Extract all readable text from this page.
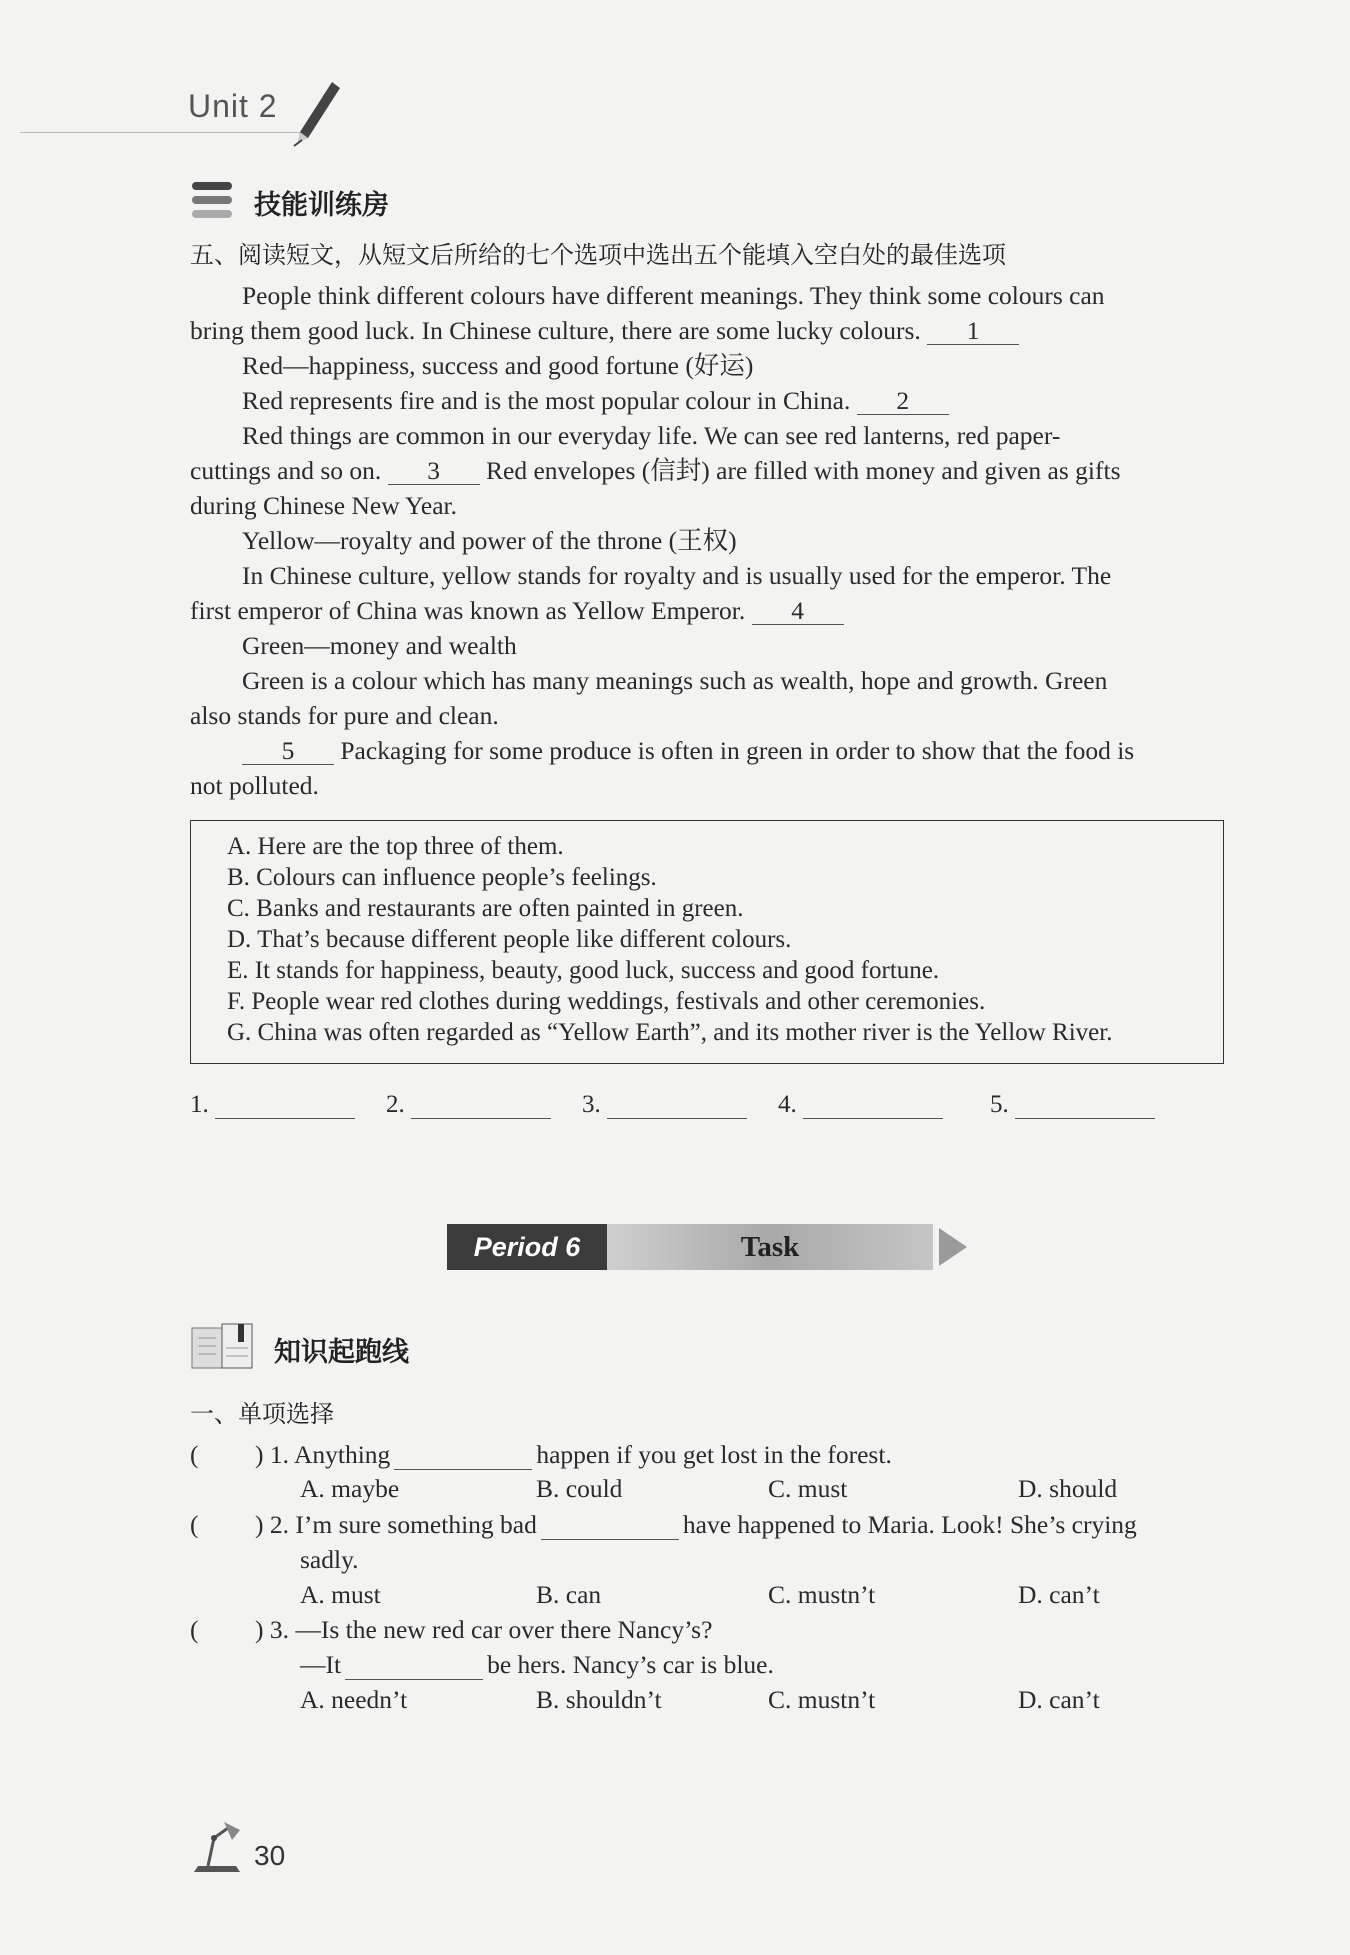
Unit 2
技能训练房
五、阅读短文，从短文后所给的七个选项中选出五个能填入空白处的最佳选项
People think different colours have different meanings. They think some colours can
bring them good luck. In Chinese culture, there are some lucky colours. 1
Red—happiness, success and good fortune (好运)
Red represents fire and is the most popular colour in China. 2
Red things are common in our everyday life. We can see red lanterns, red paper-
cuttings and so on. 3 Red envelopes (信封) are filled with money and given as gifts
during Chinese New Year.
Yellow—royalty and power of the throne (王权)
In Chinese culture, yellow stands for royalty and is usually used for the emperor. The
first emperor of China was known as Yellow Emperor. 4
Green—money and wealth
Green is a colour which has many meanings such as wealth, hope and growth. Green
also stands for pure and clean.
5 Packaging for some produce is often in green in order to show that the food is
not polluted.
A. Here are the top three of them.
B. Colours can influence people’s feelings.
C. Banks and restaurants are often painted in green.
D. That’s because different people like different colours.
E. It stands for happiness, beauty, good luck, success and good fortune.
F. People wear red clothes during weddings, festivals and other ceremonies.
G. China was often regarded as “Yellow Earth”, and its mother river is the Yellow River.
1.	2.	3.	4.	5.
Period 6	Task
知识起跑线
一、单项选择
( ) 1. Anything	happen if you get lost in the forest.
A. maybe	B. could	C. must	D. should
( ) 2. I’m sure something bad	have happened to Maria. Look! She’s crying
sadly.
A. must	B. can	C. mustn’t	D. can’t
( ) 3. —Is the new red car over there Nancy’s?
—It	be hers. Nancy’s car is blue.
A. needn’t	B. shouldn’t	C. mustn’t	D. can’t
30
